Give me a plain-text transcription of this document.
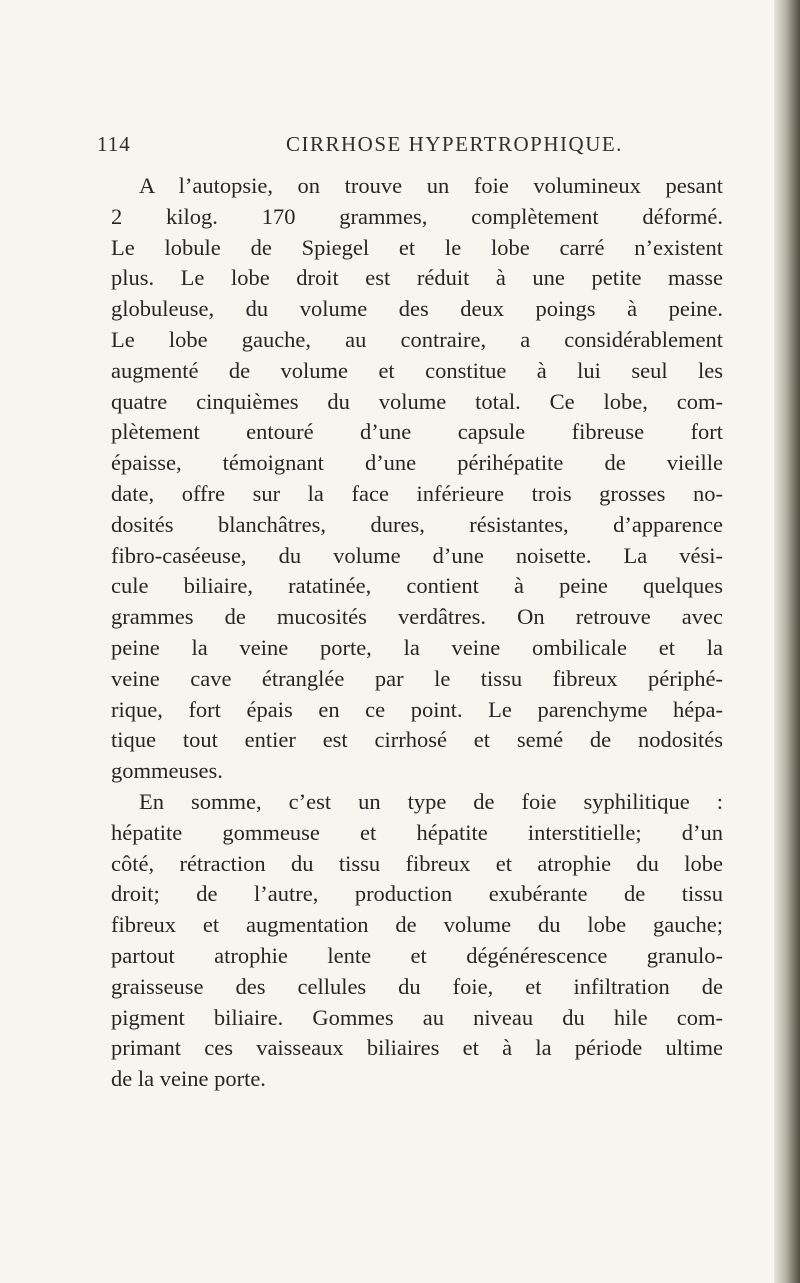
114	CIRRHOSE HYPERTROPHIQUE.
A l’autopsie, on trouve un foie volumineux pesant
2 kilog. 170 grammes, complètement déformé.
Le lobule de Spiegel et le lobe carré n’existent
plus. Le lobe droit est réduit à une petite masse
globuleuse, du volume des deux poings à peine.
Le lobe gauche, au contraire, a considérablement
augmenté de volume et constitue à lui seul les
quatre cinquièmes du volume total. Ce lobe, com-
plètement entouré d’une capsule fibreuse fort
épaisse, témoignant d’une périhépatite de vieille
date, offre sur la face inférieure trois grosses no-
dosités blanchâtres, dures, résistantes, d’apparence
fibro-caséeuse, du volume d’une noisette. La vési-
cule biliaire, ratatinée, contient à peine quelques
grammes de mucosités verdâtres. On retrouve avec
peine la veine porte, la veine ombilicale et la
veine cave étranglée par le tissu fibreux périphé-
rique, fort épais en ce point. Le parenchyme hépa-
tique tout entier est cirrhosé et semé de nodosités
gommeuses.
En somme, c’est un type de foie syphilitique :
hépatite gommeuse et hépatite interstitielle; d’un
côté, rétraction du tissu fibreux et atrophie du lobe
droit; de l’autre, production exubérante de tissu
fibreux et augmentation de volume du lobe gauche;
partout atrophie lente et dégénérescence granulo-
graisseuse des cellules du foie, et infiltration de
pigment biliaire. Gommes au niveau du hile com-
primant ces vaisseaux biliaires et à la période ultime
de la veine porte.
